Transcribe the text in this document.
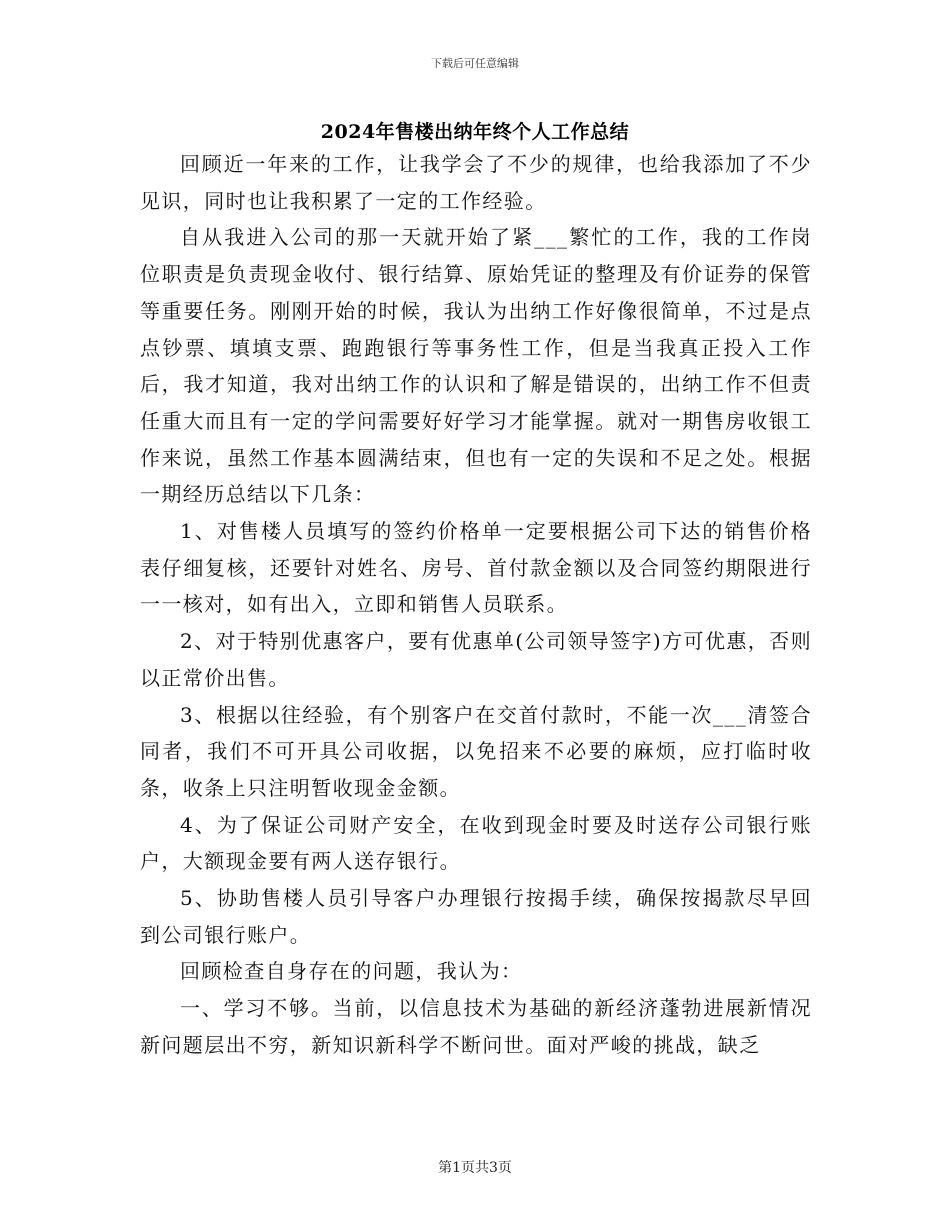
下载后可任意编辑
2024年售楼出纳年终个人工作总结

回顾近一年来的工作，让我学会了不少的规律，也给我添加了不少见识，同时也让我积累了一定的工作经验。

自从我进入公司的那一天就开始了紧___繁忙的工作，我的工作岗位职责是负责现金收付、银行结算、原始凭证的整理及有价证券的保管等重要任务。刚刚开始的时候，我认为出纳工作好像很简单，不过是点点钞票、填填支票、跑跑银行等事务性工作，但是当我真正投入工作后，我才知道，我对出纳工作的认识和了解是错误的，出纳工作不但责任重大而且有一定的学问需要好好学习才能掌握。就对一期售房收银工作来说，虽然工作基本圆满结束，但也有一定的失误和不足之处。根据一期经历总结以下几条：

1、对售楼人员填写的签约价格单一定要根据公司下达的销售价格表仔细复核，还要针对姓名、房号、首付款金额以及合同签约期限进行一一核对，如有出入，立即和销售人员联系。

2、对于特别优惠客户，要有优惠单(公司领导签字)方可优惠，否则以正常价出售。

3、根据以往经验，有个别客户在交首付款时，不能一次___清签合同者，我们不可开具公司收据，以免招来不必要的麻烦，应打临时收条，收条上只注明暂收现金金额。

4、为了保证公司财产安全，在收到现金时要及时送存公司银行账户，大额现金要有两人送存银行。

5、协助售楼人员引导客户办理银行按揭手续，确保按揭款尽早回到公司银行账户。

回顾检查自身存在的问题，我认为：

一、学习不够。当前，以信息技术为基础的新经济蓬勃进展新情况新问题层出不穷，新知识新科学不断问世。面对严峻的挑战，缺乏

第1页共3页
